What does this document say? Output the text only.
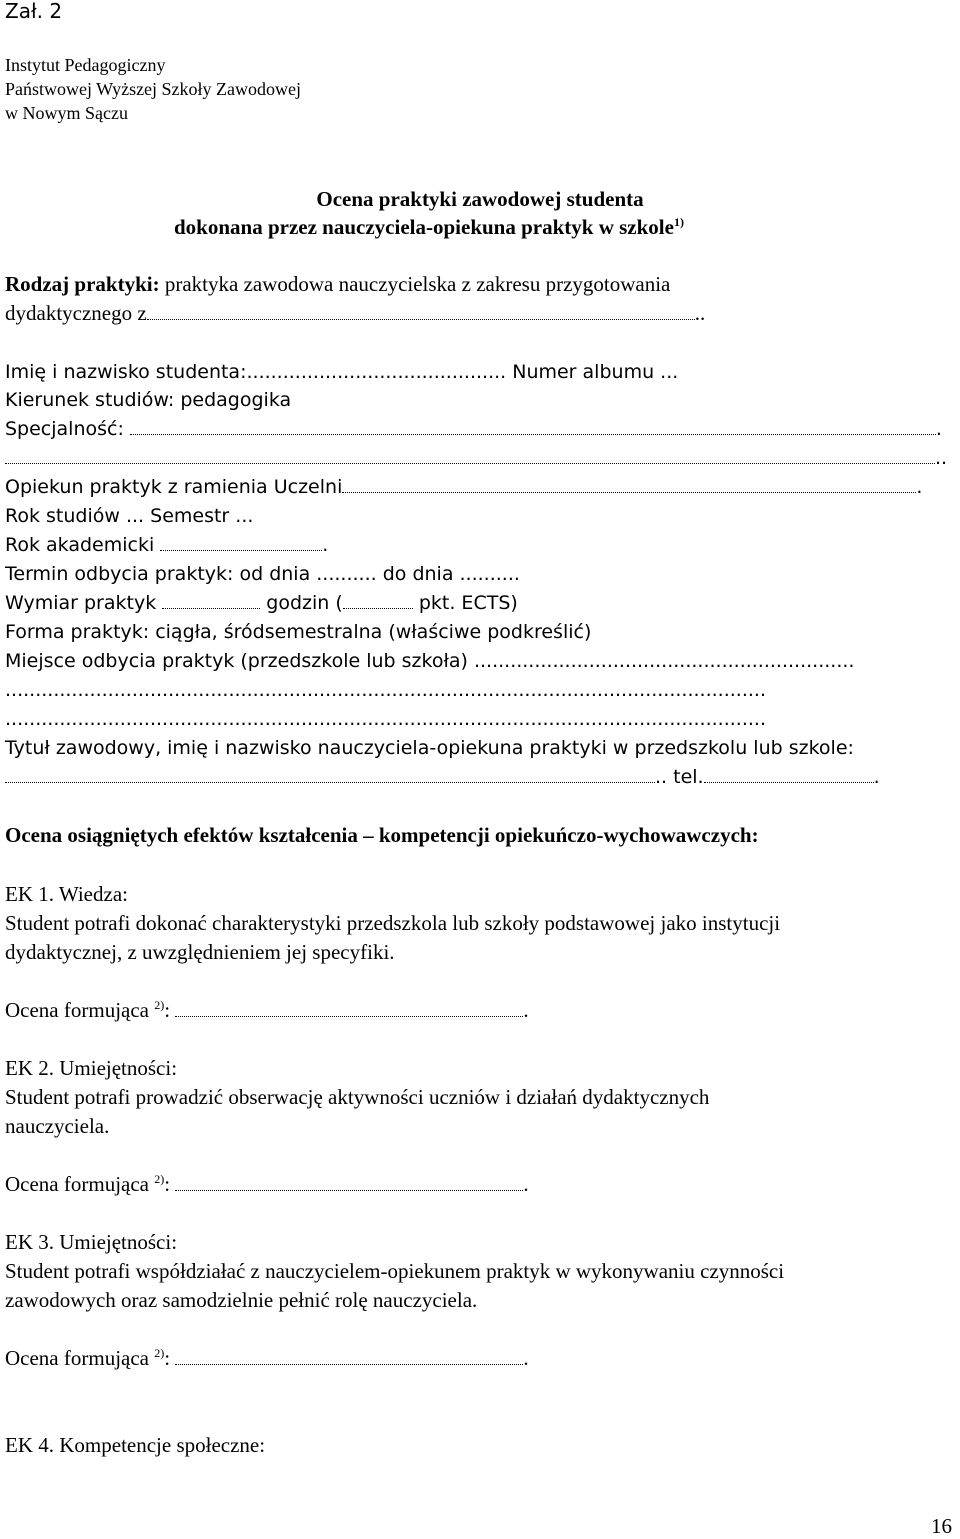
Zał. 2
Instytut Pedagogiczny
Państwowej Wyższej Szkoły Zawodowej
w Nowym Sączu
Ocena praktyki zawodowej studenta
dokonana przez nauczyciela-opiekuna praktyk w szkole$^{1)}$
Rodzaj praktyki: praktyka zawodowa nauczycielska z zakresu przygotowania
dydaktycznego z	..
Imię i nazwisko studenta:........................................... Numer albumu ...
Kierunek studiów: pedagogika
Specjalność:	.
..
Opiekun praktyk z ramienia Uczelni	.
Rok studiów ... Semestr ...
Rok akademicki	.
Termin odbycia praktyk: od dnia .......... do dnia ..........
Wymiar praktyk	godzin (	pkt. ECTS)
Forma praktyk: ciągła, śródsemestralna (właściwe podkreślić)
Miejsce odbycia praktyk (przedszkole lub szkoła) ...............................................................
..............................................................................................................................
..............................................................................................................................
Tytuł zawodowy, imię i nazwisko nauczyciela-opiekuna praktyki w przedszkolu lub szkole:
.. tel.	.
Ocena osiągniętych efektów kształcenia – kompetencji opiekuńczo-wychowawczych:
EK 1. Wiedza:
Student potrafi dokonać charakterystyki przedszkola lub szkoły podstawowej jako instytucji
dydaktycznej, z uwzględnieniem jej specyfiki.
Ocena formująca $^{2)}$:	.
EK 2. Umiejętności:
Student potrafi prowadzić obserwację aktywności uczniów i działań dydaktycznych
nauczyciela.
Ocena formująca $^{2)}$:	.
EK 3. Umiejętności:
Student potrafi współdziałać z nauczycielem-opiekunem praktyk w wykonywaniu czynności
zawodowych oraz samodzielnie pełnić rolę nauczyciela.
Ocena formująca $^{2)}$:	.
EK 4. Kompetencje społeczne:
16
